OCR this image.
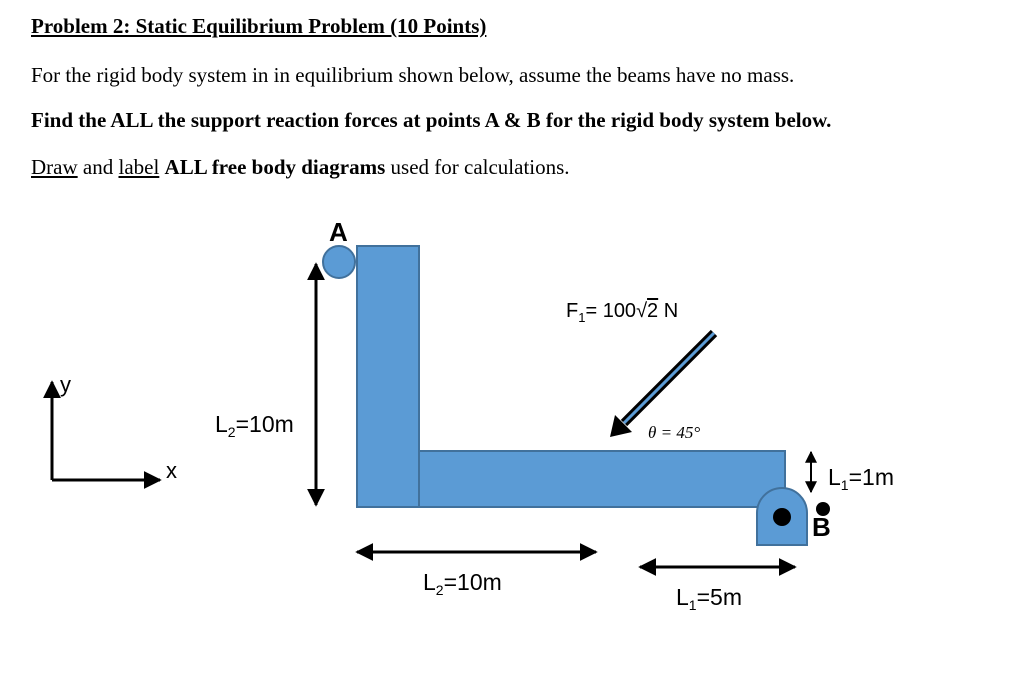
Problem 2: Static Equilibrium Problem (10 Points)
For the rigid body system in in equilibrium shown below, assume the beams have no mass.
Find the ALL the support reaction forces at points A & B for the rigid body system below.
Draw and label ALL free body diagrams used for calculations.
y
x
A
B
$L_2=10m$
$L_2=10m$
$L_1=5m$
$L_1=1m$
$F_1= 100√2$ N
θ = 45°
